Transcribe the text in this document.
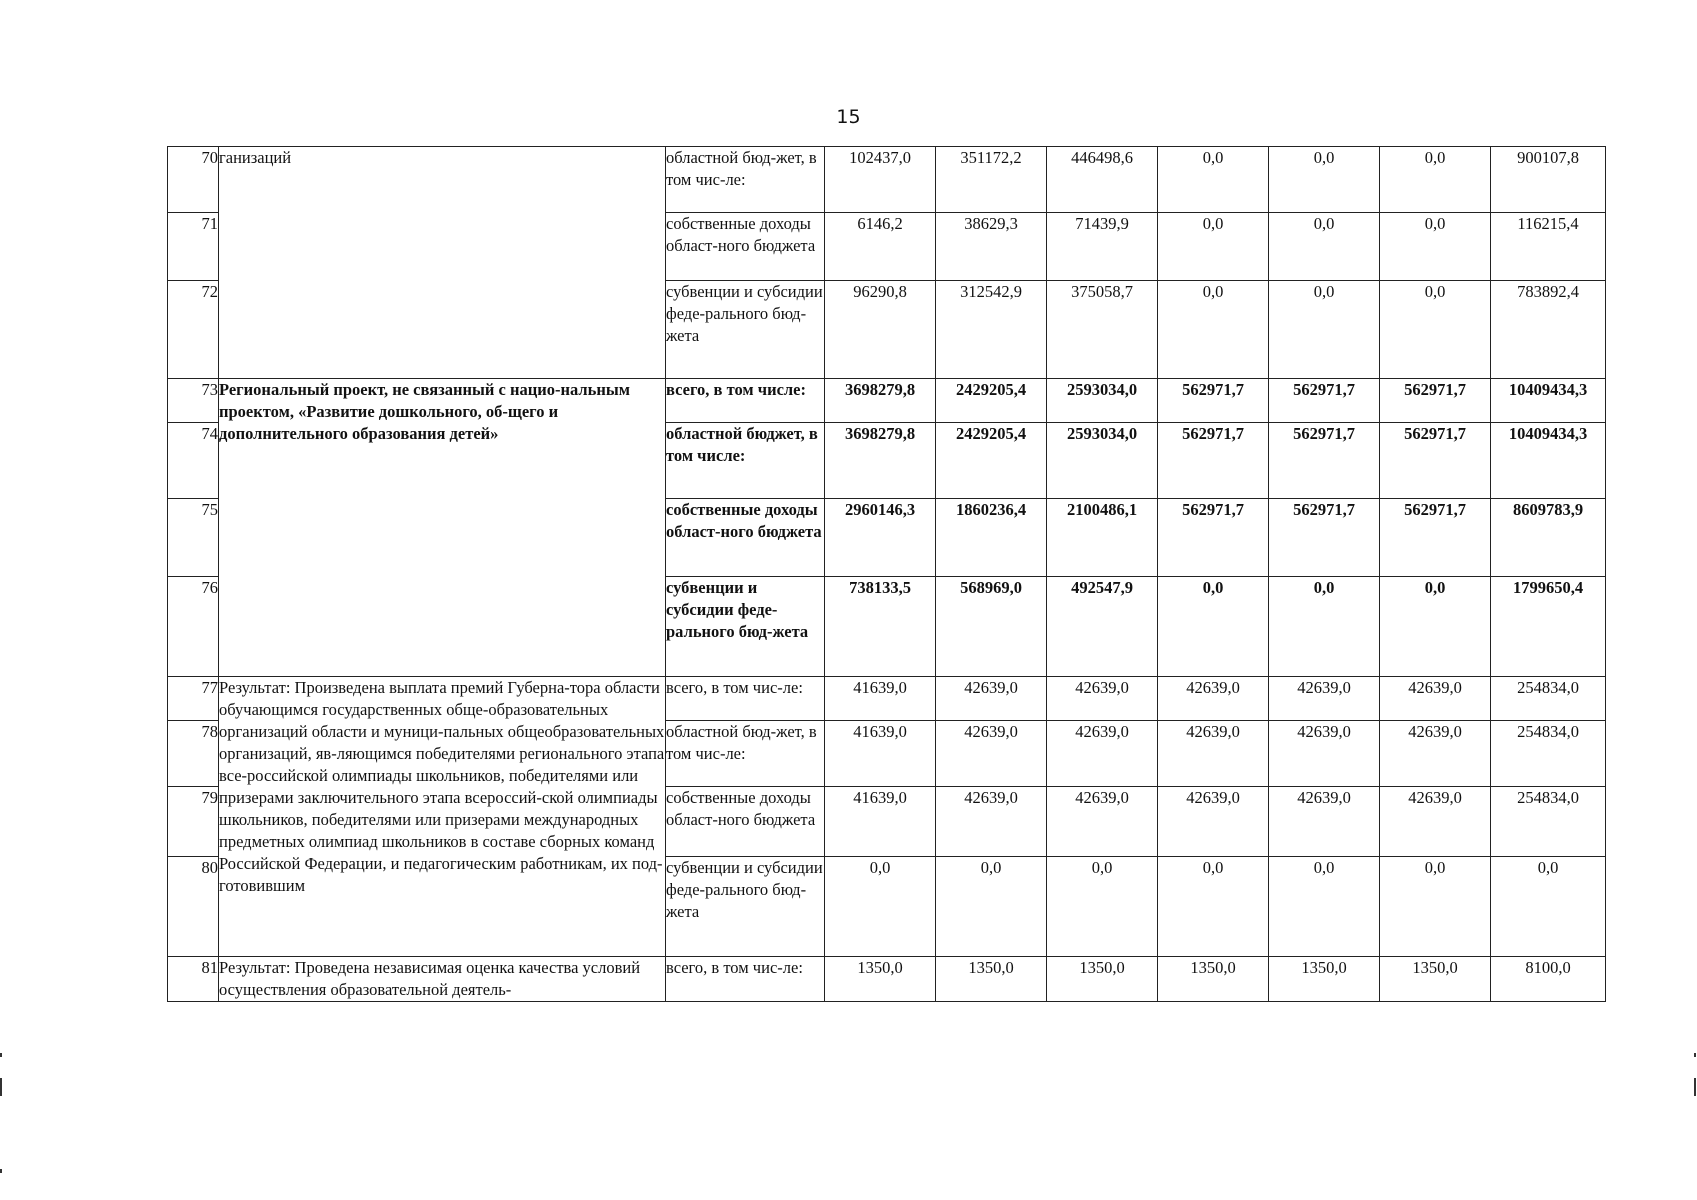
15
70	ганизаций	областной бюд-жет, в том чис-ле:	102437,0	351172,2	446498,6	0,0	0,0	0,0	900107,8
71		собственные доходы област-ного бюджета	6146,2	38629,3	71439,9	0,0	0,0	0,0	116215,4
72		субвенции и субсидии феде-рального бюд-жета	96290,8	312542,9	375058,7	0,0	0,0	0,0	783892,4
73	Региональный проект, не связанный с нацио-нальным проектом, «Развитие дошкольного, об-щего и дополнительного образования детей»	всего, в том числе:	3698279,8	2429205,4	2593034,0	562971,7	562971,7	562971,7	10409434,3
74		областной бюджет, в том числе:	3698279,8	2429205,4	2593034,0	562971,7	562971,7	562971,7	10409434,3
75		собственные доходы област-ного бюджета	2960146,3	1860236,4	2100486,1	562971,7	562971,7	562971,7	8609783,9
76		субвенции и субсидии феде-рального бюд-жета	738133,5	568969,0	492547,9	0,0	0,0	0,0	1799650,4
77	Результат: Произведена выплата премий Губерна-тора области обучающимся государственных обще-образовательных организаций области и муници-пальных общеобразовательных организаций, яв-ляющимся победителями регионального этапа все-российской олимпиады школьников, победителями или призерами заключительного этапа всероссий-ской олимпиады школьников, победителями или призерами международных предметных олимпиад школьников в составе сборных команд Российской Федерации, и педагогическим работникам, их под-готовившим	всего, в том чис-ле:	41639,0	42639,0	42639,0	42639,0	42639,0	42639,0	254834,0
78		областной бюд-жет, в том чис-ле:	41639,0	42639,0	42639,0	42639,0	42639,0	42639,0	254834,0
79		собственные доходы област-ного бюджета	41639,0	42639,0	42639,0	42639,0	42639,0	42639,0	254834,0
80		субвенции и субсидии феде-рального бюд-жета	0,0	0,0	0,0	0,0	0,0	0,0	0,0
81	Результат: Проведена независимая оценка качества условий осуществления образовательной деятель-	всего, в том чис-ле:	1350,0	1350,0	1350,0	1350,0	1350,0	1350,0	8100,0
